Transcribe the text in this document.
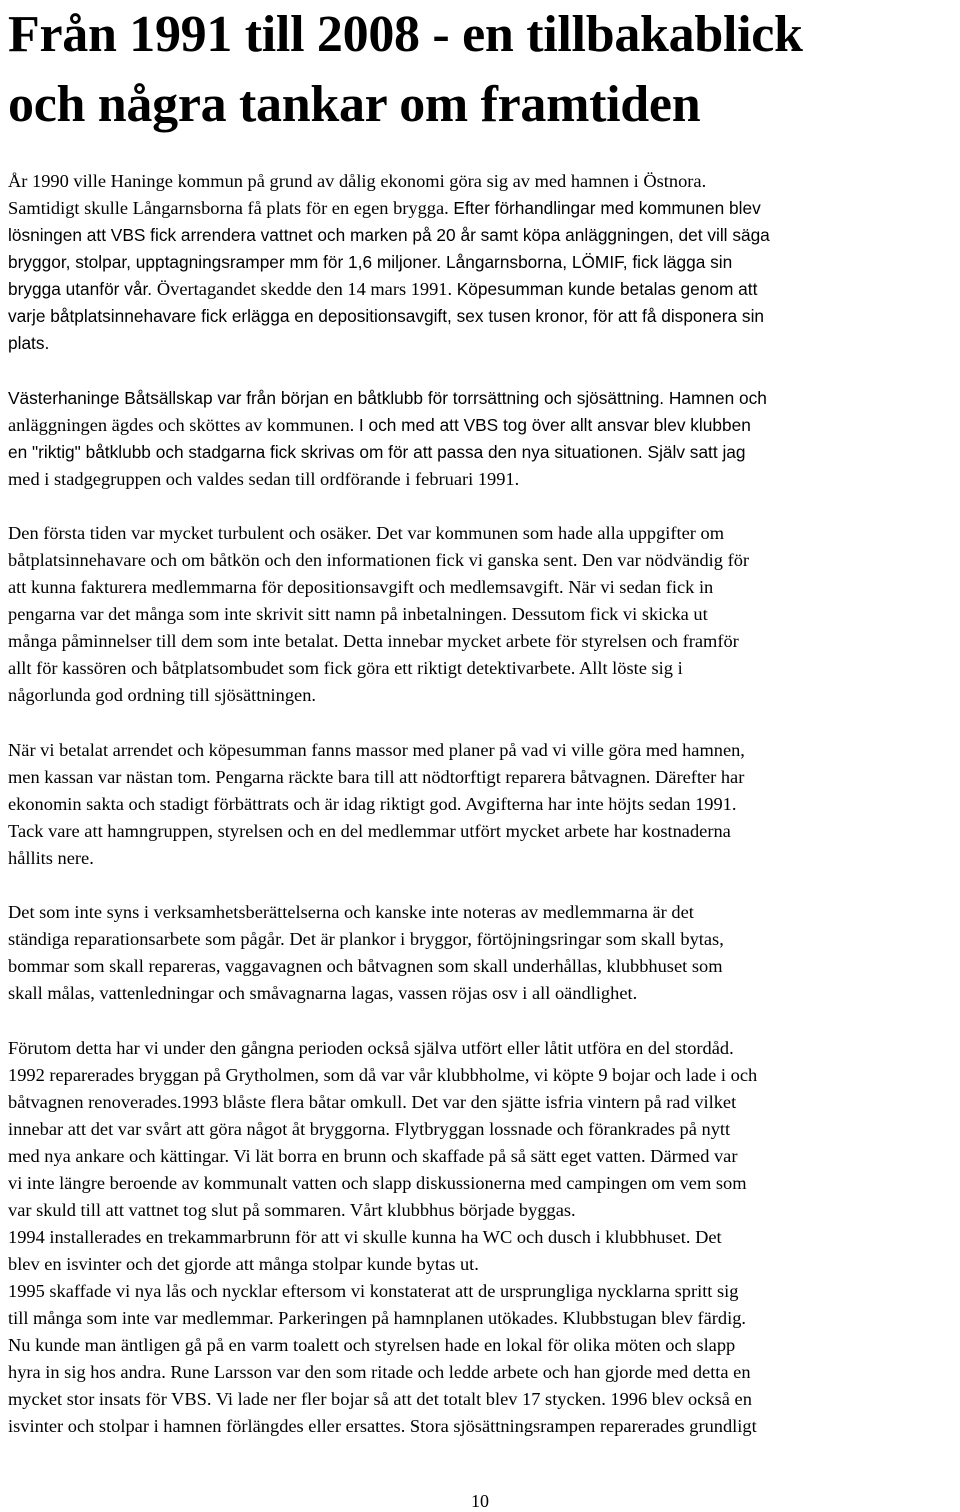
Från 1991 till 2008 - en tillbakablick
och några tankar om framtiden
År 1990 ville Haninge kommun på grund av dålig ekonomi göra sig av med hamnen i Östnora.
Samtidigt skulle Långarnsborna få plats för en egen brygga. Efter förhandlingar med kommunen blev
lösningen att VBS fick arrendera vattnet och marken på 20 år samt köpa anläggningen, det vill säga
bryggor, stolpar, upptagningsramper mm för 1,6 miljoner. Långarnsborna, LÖMIF, fick lägga sin
brygga utanför vår. Övertagandet skedde den 14 mars 1991. Köpesumman kunde betalas genom att
varje båtplatsinnehavare fick erlägga en depositionsavgift, sex tusen kronor, för att få disponera sin
plats.
Västerhaninge Båtsällskap var från början en båtklubb för torrsättning och sjösättning. Hamnen och
anläggningen ägdes och sköttes av kommunen. I och med att VBS tog över allt ansvar blev klubben
en "riktig" båtklubb och stadgarna fick skrivas om för att passa den nya situationen. Själv satt jag
med i stadgegruppen och valdes sedan till ordförande i februari 1991.
Den första tiden var mycket turbulent och osäker. Det var kommunen som hade alla uppgifter om
båtplatsinnehavare och om båtkön och den informationen fick vi ganska sent. Den var nödvändig för
att kunna fakturera medlemmarna för depositionsavgift och medlemsavgift. När vi sedan fick in
pengarna var det många som inte skrivit sitt namn på inbetalningen. Dessutom fick vi skicka ut
många påminnelser till dem som inte betalat. Detta innebar mycket arbete för styrelsen och framför
allt för kassören och båtplatsombudet som fick göra ett riktigt detektivarbete. Allt löste sig i
någorlunda god ordning till sjösättningen.
När vi betalat arrendet och köpesumman fanns massor med planer på vad vi ville göra med hamnen,
men kassan var nästan tom. Pengarna räckte bara till att nödtorftigt reparera båtvagnen. Därefter har
ekonomin sakta och stadigt förbättrats och är idag riktigt god. Avgifterna har inte höjts sedan 1991.
Tack vare att hamngruppen, styrelsen och en del medlemmar utfört mycket arbete har kostnaderna
hållits nere.
Det som inte syns i verksamhetsberättelserna och kanske inte noteras av medlemmarna är det
ständiga reparationsarbete som pågår. Det är plankor i bryggor, förtöjningsringar som skall bytas,
bommar som skall repareras, vaggavagnen och båtvagnen som skall underhållas, klubbhuset som
skall målas, vattenledningar och småvagnarna lagas, vassen röjas osv i all oändlighet.
Förutom detta har vi under den gångna perioden också själva utfört eller låtit utföra en del stordåd.
1992 reparerades bryggan på Grytholmen, som då var vår klubbholme, vi köpte 9 bojar och lade i och
båtvagnen renoverades.1993 blåste flera båtar omkull. Det var den sjätte isfria vintern på rad vilket
innebar att det var svårt att göra något åt bryggorna. Flytbryggan lossnade och förankrades på nytt
med nya ankare och kättingar. Vi lät borra en brunn och skaffade på så sätt eget vatten. Därmed var
vi inte längre beroende av kommunalt vatten och slapp diskussionerna med campingen om vem som
var skuld till att vattnet tog slut på sommaren. Vårt klubbhus började byggas.
1994 installerades en trekammarbrunn för att vi skulle kunna ha WC och dusch i klubbhuset. Det
blev en isvinter och det gjorde att många stolpar kunde bytas ut.
1995 skaffade vi nya lås och nycklar eftersom vi konstaterat att de ursprungliga nycklarna spritt sig
till många som inte var medlemmar. Parkeringen på hamnplanen utökades. Klubbstugan blev färdig.
Nu kunde man äntligen gå på en varm toalett och styrelsen hade en lokal för olika möten och slapp
hyra in sig hos andra. Rune Larsson var den som ritade och ledde arbete och han gjorde med detta en
mycket stor insats för VBS. Vi lade ner fler bojar så att det totalt blev 17 stycken. 1996 blev också en
isvinter och stolpar i hamnen förlängdes eller ersattes. Stora sjösättningsrampen reparerades grundligt
10
